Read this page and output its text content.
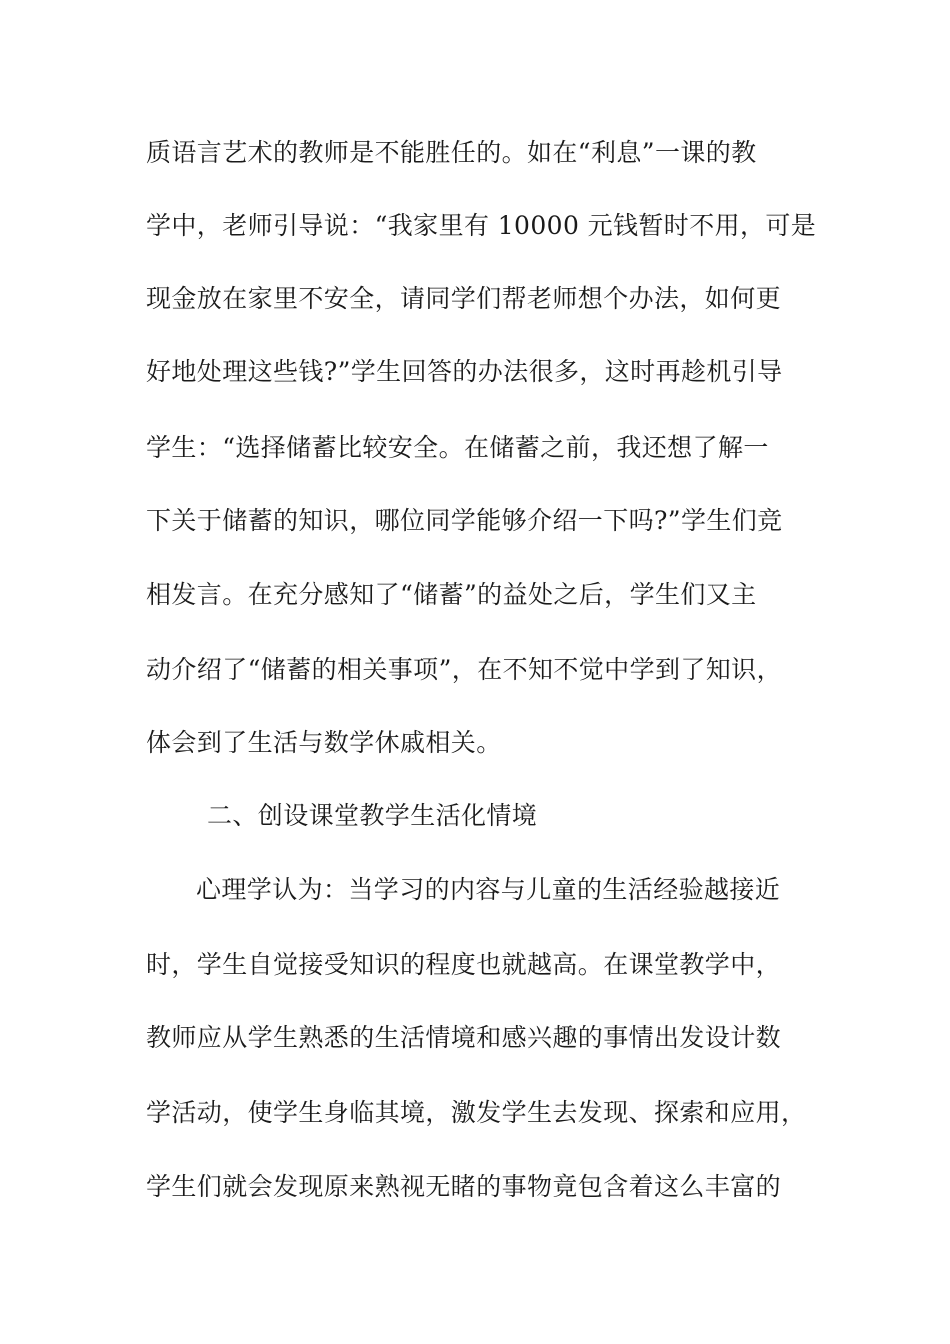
质语言艺术的教师是不能胜任的。如在“利息”一课的教
学中，老师引导说：“我家里有 10000 元钱暂时不用，可是
现金放在家里不安全，请同学们帮老师想个办法，如何更
好地处理这些钱?”学生回答的办法很多，这时再趁机引导
学生：“选择储蓄比较安全。在储蓄之前，我还想了解一
下关于储蓄的知识，哪位同学能够介绍一下吗?”学生们竞
相发言。在充分感知了“储蓄”的益处之后，学生们又主
动介绍了“储蓄的相关事项”，在不知不觉中学到了知识，
体会到了生活与数学休戚相关。
二、创设课堂教学生活化情境
心理学认为：当学习的内容与儿童的生活经验越接近
时，学生自觉接受知识的程度也就越高。在课堂教学中，
教师应从学生熟悉的生活情境和感兴趣的事情出发设计数
学活动，使学生身临其境，激发学生去发现、探索和应用，
学生们就会发现原来熟视无睹的事物竟包含着这么丰富的
